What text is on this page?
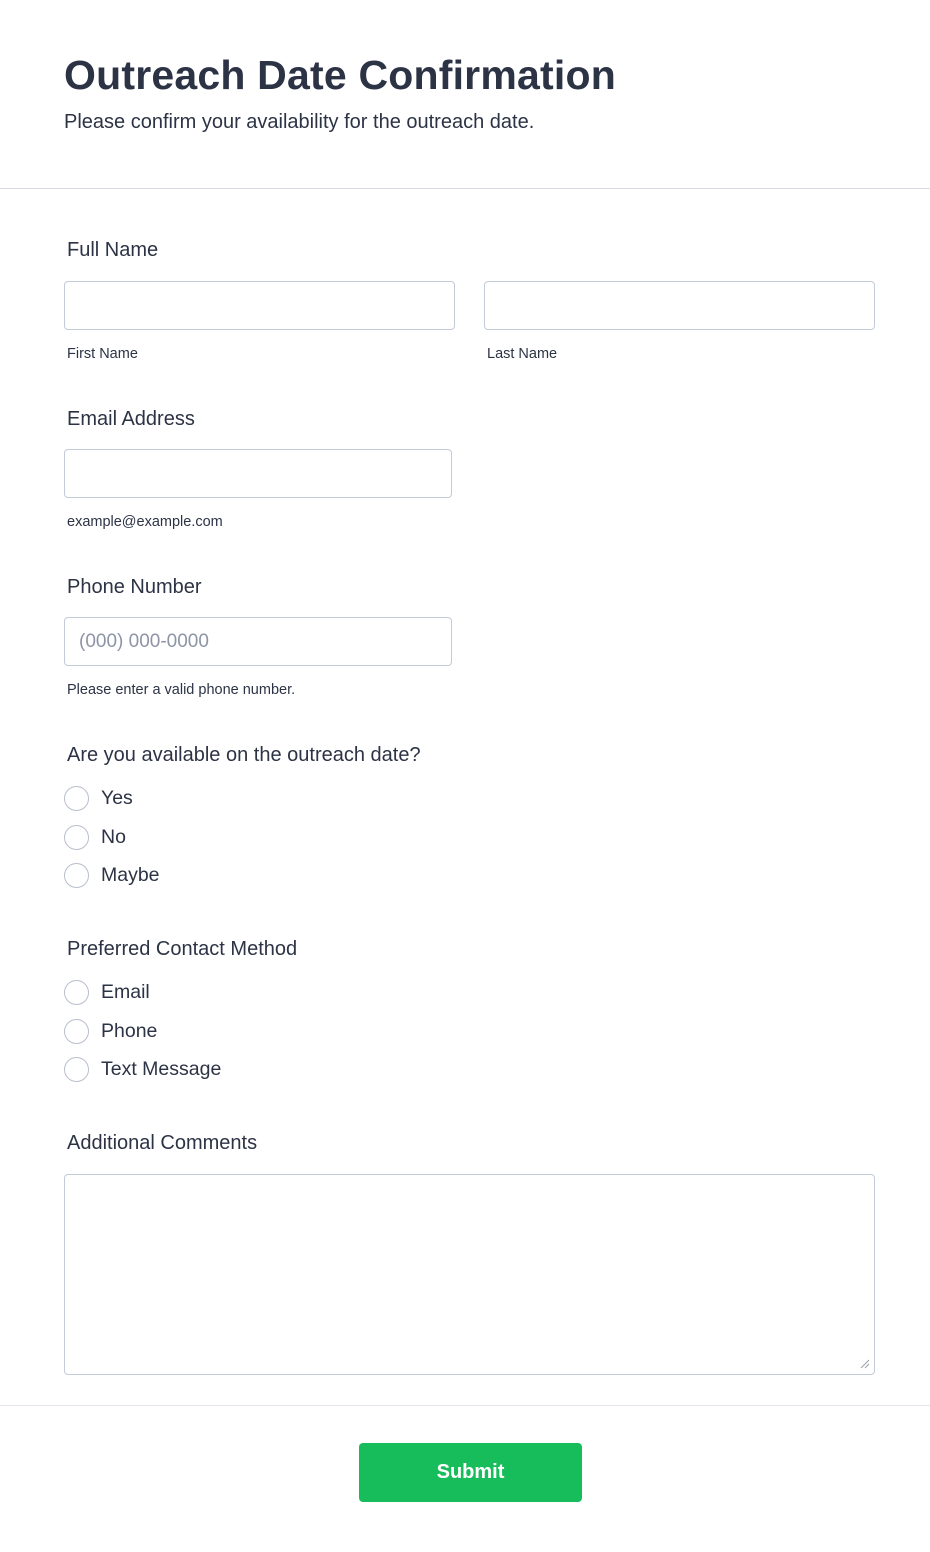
Outreach Date Confirmation

Please confirm your availability for the outreach date.

Full Name
First Name	Last Name
Email Address
example@example.com
Phone Number
(000) 000-0000
Please enter a valid phone number.
Are you available on the outreach date?
Yes
No
Maybe
Preferred Contact Method
Email
Phone
Text Message
Additional Comments
Submit
